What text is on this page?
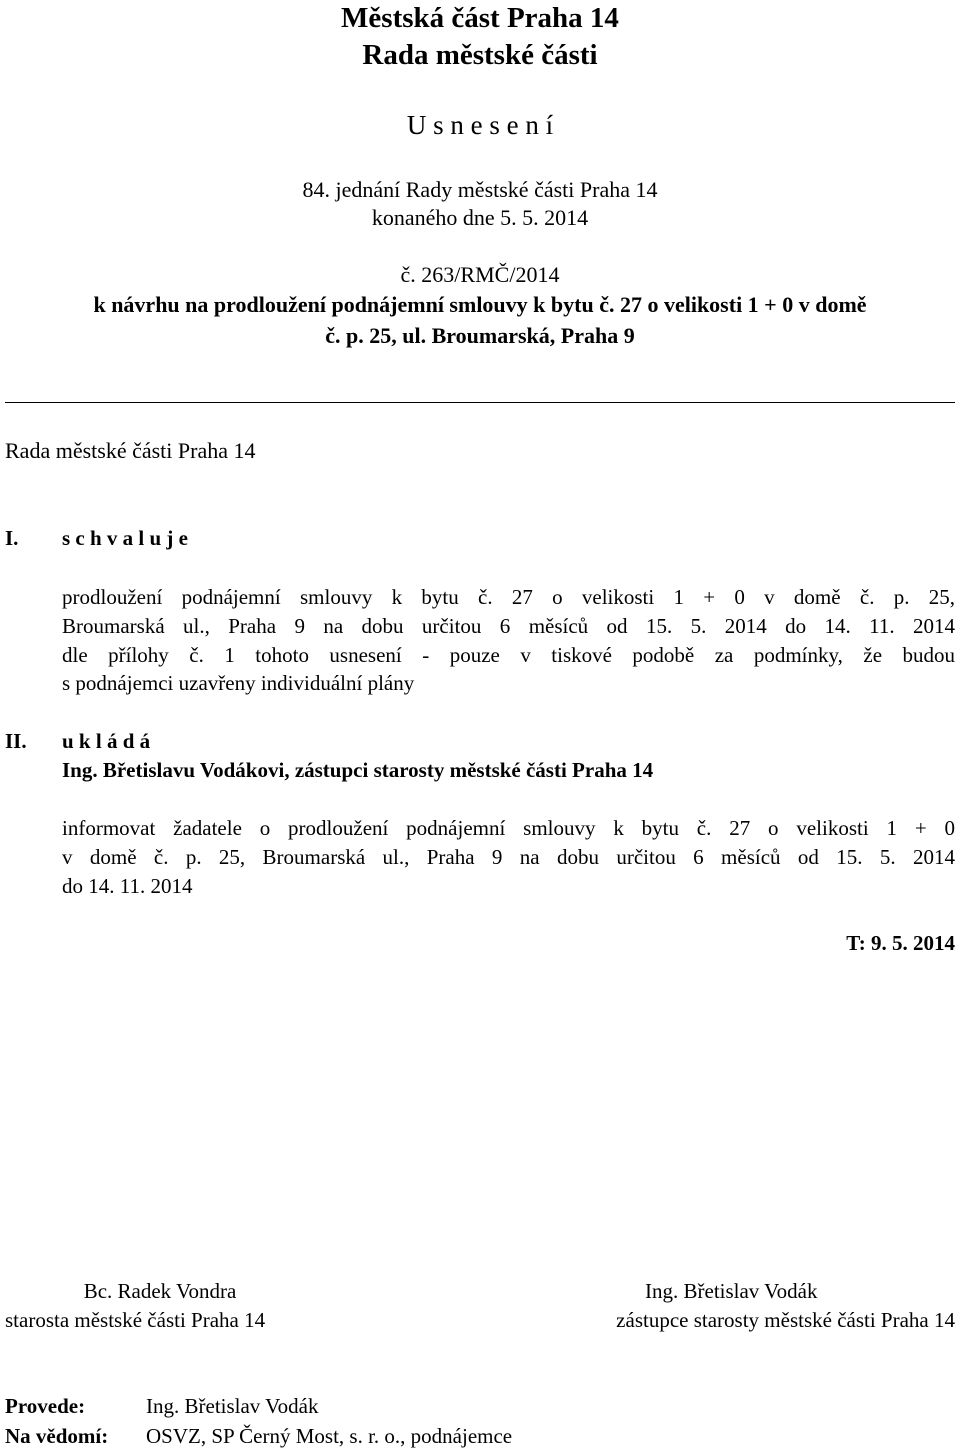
Městská část Praha 14
Rada městské části
U s n e s e n í
84. jednání Rady městské části Praha 14
konaného dne 5. 5. 2014
č. 263/RMČ/2014
k návrhu na prodloužení podnájemní smlouvy k bytu č. 27 o velikosti 1 + 0 v domě
č. p. 25, ul. Broumarská, Praha 9
Rada městské části Praha 14
I. s c h v a l u j e
prodloužení podnájemní smlouvy k bytu č. 27 o velikosti 1 + 0 v domě č. p. 25,
Broumarská ul., Praha 9 na dobu určitou 6 měsíců od 15. 5. 2014 do 14. 11. 2014
dle přílohy č. 1 tohoto usnesení - pouze v tiskové podobě za podmínky, že budou
s podnájemci uzavřeny individuální plány
II. u k l á d á
Ing. Břetislavu Vodákovi, zástupci starosty městské části Praha 14
informovat žadatele o prodloužení podnájemní smlouvy k bytu č. 27 o velikosti 1 + 0
v domě č. p. 25, Broumarská ul., Praha 9 na dobu určitou 6 měsíců od 15. 5. 2014
do 14. 11. 2014
T: 9. 5. 2014
Bc. Radek Vondra
starosta městské části Praha 14
Ing. Břetislav Vodák
zástupce starosty městské části Praha 14
Provede:	Ing. Břetislav Vodák
Na vědomí: OSVZ, SP Černý Most, s. r. o., podnájemce
